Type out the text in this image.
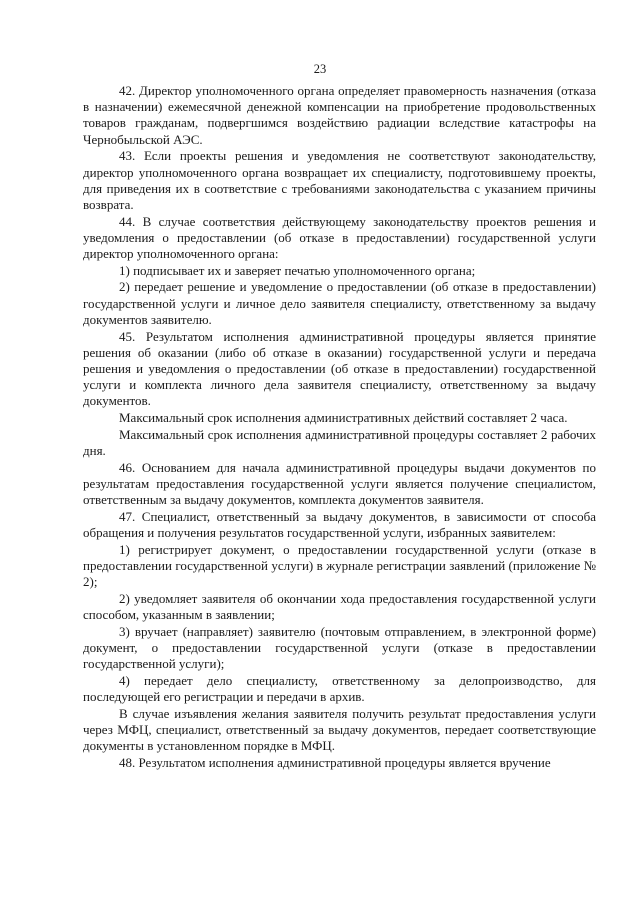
23

42. Директор уполномоченного органа определяет правомерность назначения (отказа в назначении) ежемесячной денежной компенсации на приобретение продовольственных товаров гражданам, подвергшимся воздействию радиации вследствие катастрофы на Чернобыльской АЭС.

43. Если проекты решения и уведомления не соответствуют законодательству, директор уполномоченного органа возвращает их специалисту, подготовившему проекты, для приведения их в соответствие с требованиями законодательства с указанием причины возврата.

44. В случае соответствия действующему законодательству проектов решения и уведомления о предоставлении (об отказе в предоставлении) государственной услуги директор уполномоченного органа:

1) подписывает их и заверяет печатью уполномоченного органа;

2) передает решение и уведомление о предоставлении (об отказе в предоставлении) государственной услуги и личное дело заявителя специалисту, ответственному за выдачу документов заявителю.

45. Результатом исполнения административной процедуры является принятие решения об оказании (либо об отказе в оказании) государственной услуги и передача решения и уведомления о предоставлении (об отказе в предоставлении) государственной услуги и комплекта личного дела заявителя специалисту, ответственному за выдачу документов.

Максимальный срок исполнения административных действий составляет 2 часа.

Максимальный срок исполнения административной процедуры составляет 2 рабочих дня.

46. Основанием для начала административной процедуры выдачи документов по результатам предоставления государственной услуги является получение специалистом, ответственным за выдачу документов, комплекта документов заявителя.

47. Специалист, ответственный за выдачу документов, в зависимости от способа обращения и получения результатов государственной услуги, избранных заявителем:

1) регистрирует документ, о предоставлении государственной услуги (отказе в предоставлении государственной услуги) в журнале регистрации заявлений (приложение № 2);

2) уведомляет заявителя об окончании хода предоставления государственной услуги способом, указанным в заявлении;

3) вручает (направляет) заявителю (почтовым отправлением, в электронной форме) документ, о предоставлении государственной услуги (отказе в предоставлении государственной услуги);

4) передает дело специалисту, ответственному за делопроизводство, для последующей его регистрации и передачи в архив.

В случае изъявления желания заявителя получить результат предоставления услуги через МФЦ, специалист, ответственный за выдачу документов, передает соответствующие документы в установленном порядке в МФЦ.

48. Результатом исполнения административной процедуры является вручение
